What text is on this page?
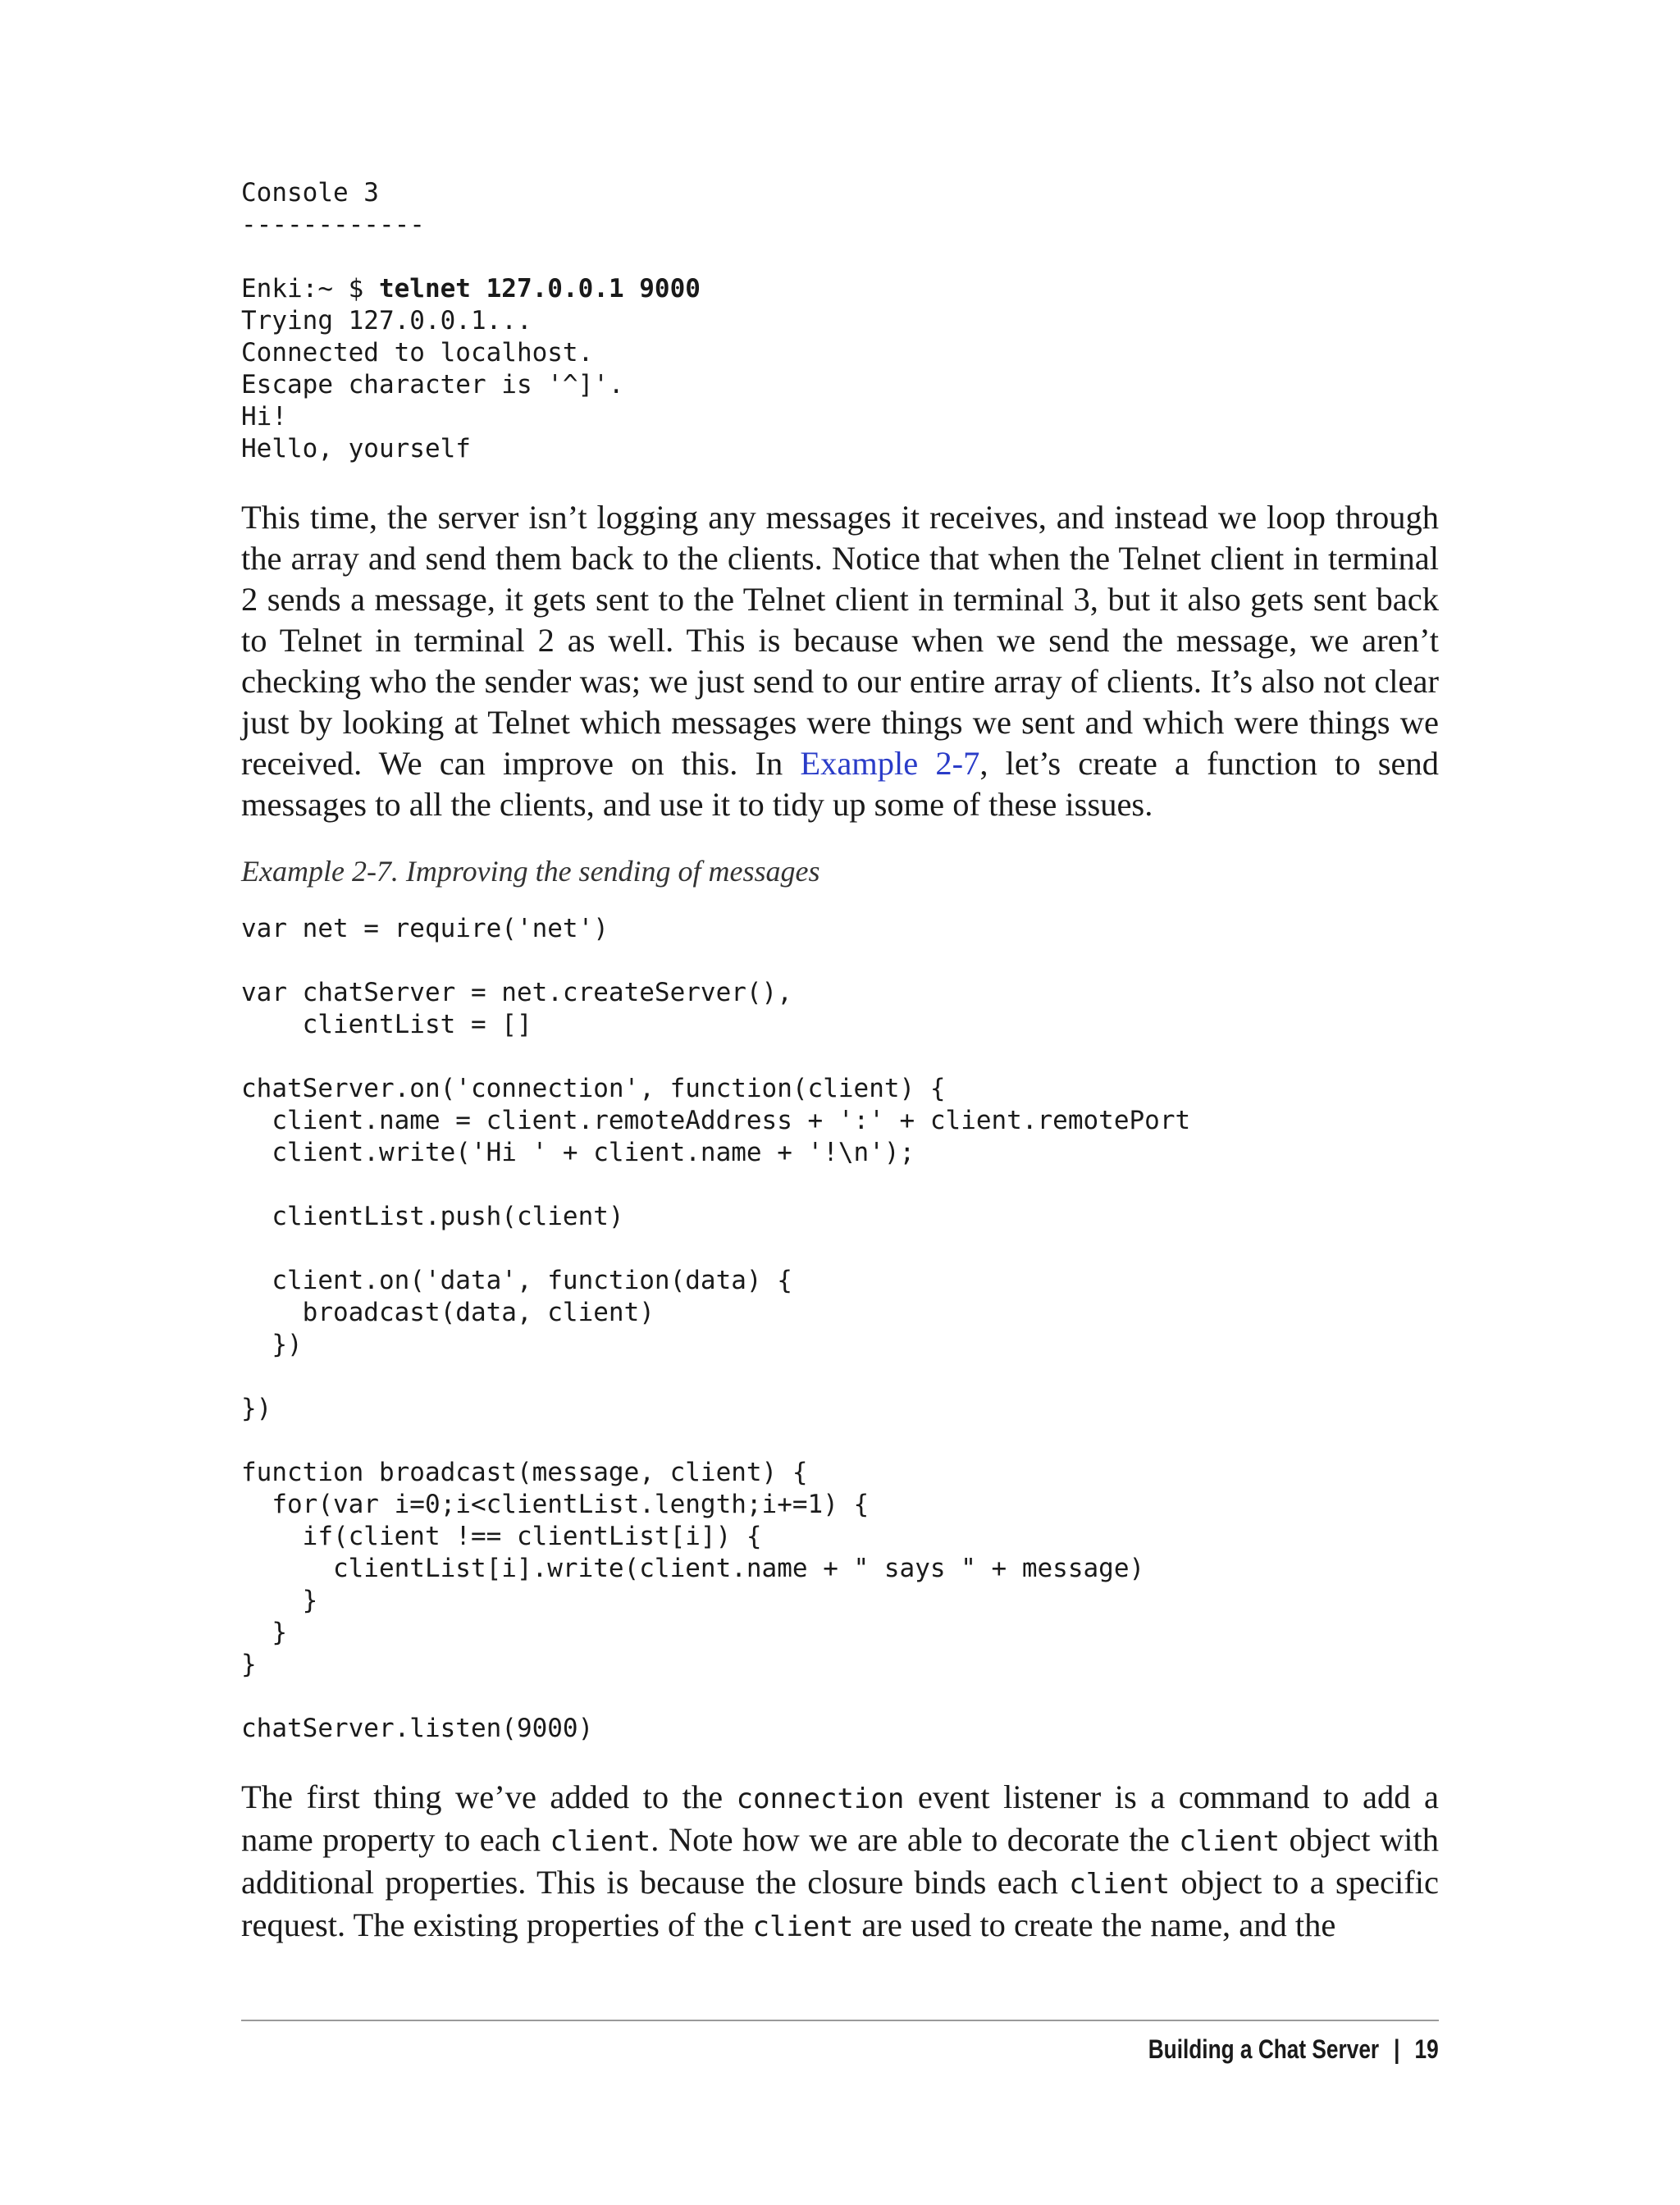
Console 3
------------
Enki:~ $ telnet 127.0.0.1 9000
Trying 127.0.0.1...
Connected to localhost.
Escape character is '^]'.
Hi!
Hello, yourself

This time, the server isn’t logging any messages it receives, and instead we loop through the array and send them back to the clients. Notice that when the Telnet client in terminal 2 sends a message, it gets sent to the Telnet client in terminal 3, but it also gets sent back to Telnet in terminal 2 as well. This is because when we send the message, we aren’t checking who the sender was; we just send to our entire array of clients. It’s also not clear just by looking at Telnet which messages were things we sent and which were things we received. We can improve on this. In Example 2-7, let’s create a function to send messages to all the clients, and use it to tidy up some of these issues.

Example 2-7. Improving the sending of messages

var net = require('net')
var chatServer = net.createServer(),
clientList = []
chatServer.on('connection', function(client) {
client.name = client.remoteAddress + ':' + client.remotePort
client.write('Hi ' + client.name + '!\n');
clientList.push(client)
client.on('data', function(data) {
broadcast(data, client)
})
})
function broadcast(message, client) {
for(var i=0;i<clientList.length;i+=1) {
if(client !== clientList[i]) {
clientList[i].write(client.name + " says " + message)
}
}
}
chatServer.listen(9000)

The first thing we’ve added to the connection event listener is a command to add a name property to each client. Note how we are able to decorate the client object with additional properties. This is because the closure binds each client object to a specific request. The existing properties of the client are used to create the name, and the

Building a Chat Server | 19
